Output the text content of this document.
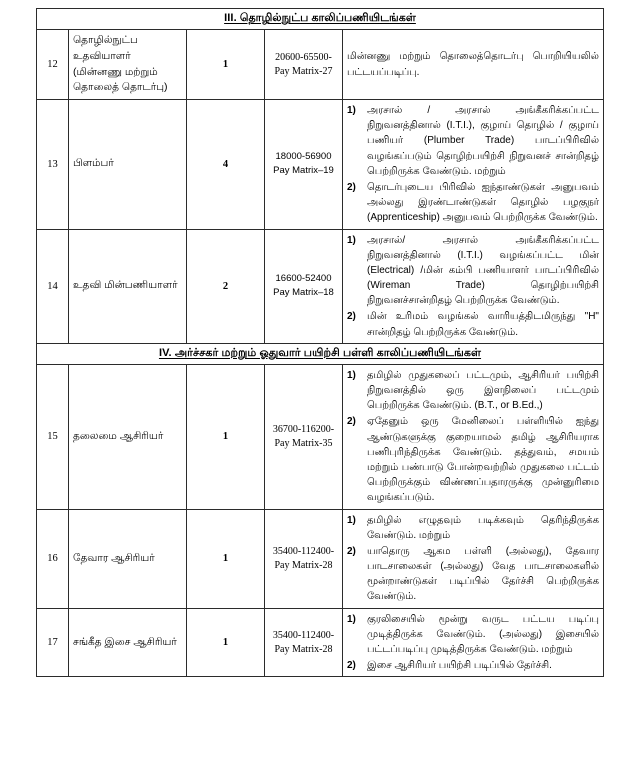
III. தொழில்நுட்ப காலிப்பணியிடங்கள்				
12	தொழில்நுட்ப உதவியாளர் (மின்னணு மற்றும் தொலைத் தொடர்பு)	1	20600-65500-Pay Matrix-27	மின்னணு மற்றும் தொலைத்தொடர்பு பொறியியலில் பட்டயப்படிப்பு.

13	பிளம்பர்	4	18000-56900 Pay Matrix–19	
1) அரசால் / அரசால் அங்கீகரிக்கப்பட்ட நிறுவனத்தினால் (I.T.I.), குழாய் தொழில் / குழாய் பணியர் (Plumber Trade) பாடப்பிரிவில் வழங்கப்படும் தொழிற்பயிற்சி நிறுவனச் சான்றிதழ் பெற்றிருக்க வேண்டும். மற்றும்
2) தொடர்புடைய பிரிவில் ஐந்தாண்டுகள் அனுபவம் அல்லது இரண்டாண்டுகள் தொழில் பழகுநர் (Apprenticeship) அனுபவம் பெற்றிருக்க வேண்டும்.

14	உதவி மின்பணியாளர்	2	16600-52400 Pay Matrix–18	
1) அரசால்/ அரசால் அங்கீகரிக்கப்பட்ட நிறுவனத்தினால் (I.T.I.) வழங்கப்பட்ட மின் (Electrical) /மின் கம்பி பணியாளர் பாடப்பிரிவில் (Wireman Trade) தொழிற்பயிற்சி நிறுவனச்சான்றிதழ் பெற்றிருக்க வேண்டும்.
2) மின் உரிமம் வழங்கல் வாரியத்திடமிருந்து "H" சான்றிதழ் பெற்றிருக்க வேண்டும்.

IV. அர்ச்சகர் மற்றும் ஓதுவார் பயிற்சி பள்ளி காலிப்பணியிடங்கள்				
15	தலைமை ஆசிரியர்	1	36700-116200-Pay Matrix-35	
1) தமிழில் முதுகலைப் பட்டமும், ஆசிரியர் பயிற்சி நிறுவனத்தில் ஒரு இளநிலைப் பட்டமும் பெற்றிருக்க வேண்டும். (B.T., or B.Ed.,)
2) ஏதேனும் ஒரு மேனிலைப் பள்ளியில் ஐந்து ஆண்டுகளுக்கு குறையாமல் தமிழ் ஆசிரியராக பணிபுரிந்திருக்க வேண்டும். தத்துவம், சமயம் மற்றும் பண்பாடு போன்றவற்றில் முதுகலை பட்டம் பெற்றிருக்கும் விண்ணப்பதாரருக்கு முன்னுரிமை வழங்கப்படும்.

16	தேவார ஆசிரியர்	1	35400-112400-Pay Matrix-28	
1) தமிழில் எழுதவும் படிக்கவும் தெரிந்திருக்க வேண்டும். மற்றும்
2) யாதொரு ஆகம பள்ளி (அல்லது), தேவார பாடசாலைகள் (அல்லது) வேத பாடசாலைகளில் மூன்றாண்டுகள் படிப்பில் தேர்ச்சி பெற்றிருக்க வேண்டும்.

17	சங்கீத இசை ஆசிரியர்	1	35400-112400-Pay Matrix-28	
1) குரலிசையில் மூன்று வருட பட்டய படிப்பு முடித்திருக்க வேண்டும். (அல்லது) இசையில் பட்டப்படிப்பு முடித்திருக்க வேண்டும். மற்றும்
2) இசை ஆசிரியர் பயிற்சி படிப்பில் தேர்ச்சி.
